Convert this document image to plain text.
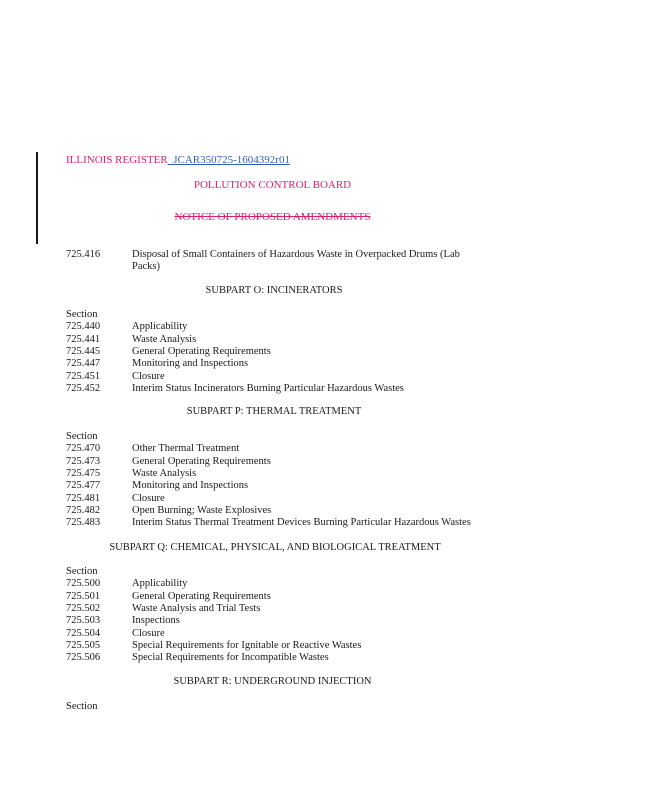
ILLINOIS REGISTER_JCAR350725-1604392r01
POLLUTION CONTROL BOARD
NOTICE OF PROPOSED AMENDMENTS
725.416	Disposal of Small Containers of Hazardous Waste in Overpacked Drums (Lab Packs)
SUBPART O: INCINERATORS
Section
725.440	Applicability
725.441	Waste Analysis
725.445	General Operating Requirements
725.447	Monitoring and Inspections
725.451	Closure
725.452	Interim Status Incinerators Burning Particular Hazardous Wastes
SUBPART P: THERMAL TREATMENT
Section
725.470	Other Thermal Treatment
725.473	General Operating Requirements
725.475	Waste Analysis
725.477	Monitoring and Inspections
725.481	Closure
725.482	Open Burning; Waste Explosives
725.483	Interim Status Thermal Treatment Devices Burning Particular Hazardous Wastes
SUBPART Q: CHEMICAL, PHYSICAL, AND BIOLOGICAL TREATMENT
Section
725.500	Applicability
725.501	General Operating Requirements
725.502	Waste Analysis and Trial Tests
725.503	Inspections
725.504	Closure
725.505	Special Requirements for Ignitable or Reactive Wastes
725.506	Special Requirements for Incompatible Wastes
SUBPART R: UNDERGROUND INJECTION
Section
